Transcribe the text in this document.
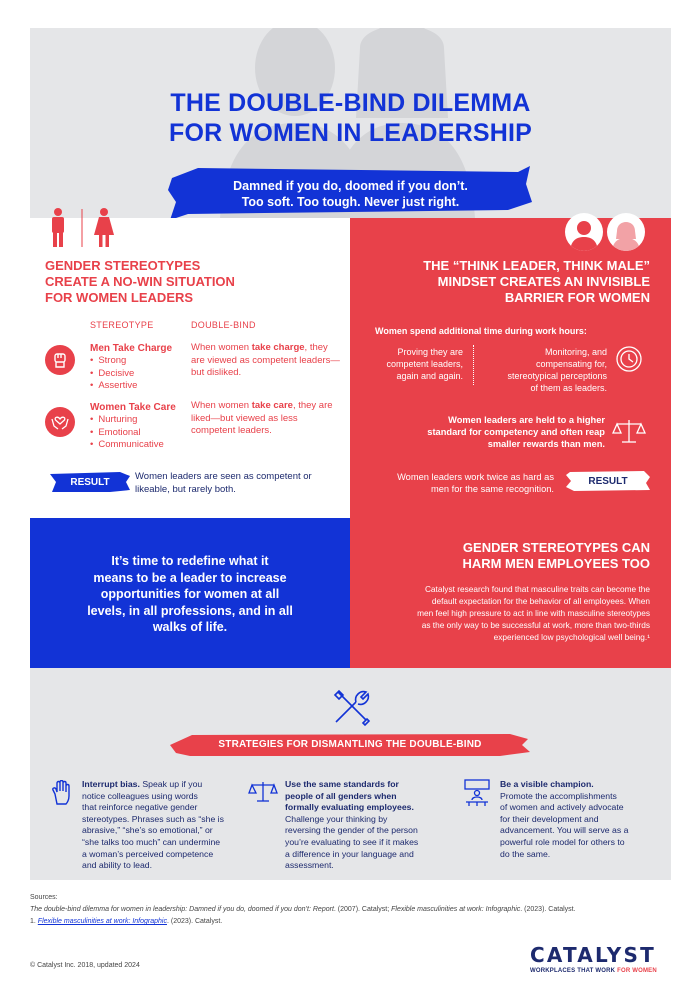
THE DOUBLE-BIND DILEMMA
FOR WOMEN IN LEADERSHIP
Damned if you do, doomed if you don’t.
Too soft. Too tough. Never just right.
GENDER STEREOTYPES
CREATE A NO-WIN SITUATION
FOR WOMEN LEADERS
STEREOTYPE	DOUBLE-BIND
Men Take Charge
• Strong
• Decisive
• Assertive
When women take charge, they are viewed as competent leaders—but disliked.
Women Take Care
• Nurturing
• Emotional
• Communicative
When women take care, they are liked—but viewed as less competent leaders.
RESULT
Women leaders are seen as competent or likeable, but rarely both.
THE “THINK LEADER, THINK MALE”
MINDSET CREATES AN INVISIBLE
BARRIER FOR WOMEN
Women spend additional time during work hours:
Proving they are
competent leaders,
again and again.
Monitoring, and
compensating for,
stereotypical perceptions
of them as leaders.
Women leaders are held to a higher
standard for competency and often reap
smaller rewards than men.
Women leaders work twice as hard as
men for the same recognition.
RESULT
It’s time to redefine what it
means to be a leader to increase
opportunities for women at all
levels, in all professions, and in all
walks of life.
GENDER STEREOTYPES CAN
HARM MEN EMPLOYEES TOO
Catalyst research found that masculine traits can become the
default expectation for the behavior of all employees. When
men feel high pressure to act in line with masculine stereotypes
as the only way to be successful at work, more than two-thirds
experienced low psychological well being.¹
STRATEGIES FOR DISMANTLING THE DOUBLE-BIND
Interrupt bias. Speak up if you
notice colleagues using words
that reinforce negative gender
stereotypes. Phrases such as “she is
abrasive,” “she’s so emotional,” or
“she talks too much” can undermine
a woman’s perceived competence
and ability to lead.
Use the same standards for
people of all genders when
formally evaluating employees.
Challenge your thinking by
reversing the gender of the person
you’re evaluating to see if it makes
a difference in your language and
assessment.
Be a visible champion.
Promote the accomplishments
of women and actively advocate
for their development and
advancement. You will serve as a
powerful role model for others to
do the same.
Sources:
The double-bind dilemma for women in leadership: Damned if you do, doomed if you don’t: Report. (2007). Catalyst; Flexible masculinities at work: Infographic. (2023). Catalyst.
1. Flexible masculinities at work: Infographic. (2023). Catalyst.
© Catalyst Inc. 2018, updated 2024	CATALYST
WORKPLACES THAT WORK FOR WOMEN
